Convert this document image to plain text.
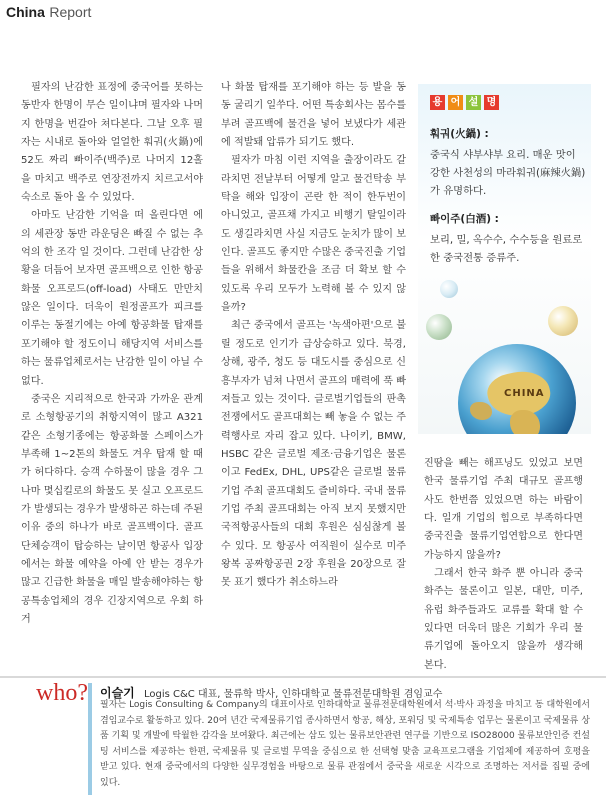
China Report

필자의 난감한 표정에 중국어를 못하는 동반자 한명이 무슨 일이냐며 필자와 나머지 한명을 번갈아 쳐다본다. 그날 오후 필자는 시내로 돌아와 얼얼한 훠궈(火鍋)에 52도 짜리 빠이주(백주)로 나머지 12홀을 마치고 백주로 연장전까지 치르고서야 숙소로 돌아 올 수 있었다.

아마도 난감한 기억을 떠 올린다면 에의 세관장 동반 라운딩은 빠질 수 없는 추억의 한 조각 일 것이다. 그런데 난감한 상황을 더듬어 보자면 골프백으로 인한 항공화물 오프로드(off-load) 사태도 만만치 않은 일이다. 더욱이 원정골프가 피크를 이루는 동절기에는 아예 항공화물 탑재를 포기해야 할 정도이니 해당지역 서비스를 하는 물류업체로서는 난감한 일이 아닐 수 없다.

중국은 지리적으로 한국과 가까운 관계로 소형항공기의 취항지역이 많고 A321같은 소형기종에는 항공화물 스페이스가 부족해 1~2톤의 화물도 겨우 탑재 할 때가 허다하다. 승객 수하물이 많을 경우 그나마 몇십킬로의 화물도 못 실고 오프로드가 발생되는 경우가 발생하곤 하는데 주된 이유 중의 하나가 바로 골프백이다. 골프단체승객이 탑승하는 날이면 항공사 입장에서는 화물 예약을 아예 안 받는 경우가 많고 긴급한 화물을 매일 발송해야하는 항공특송업체의 경우 긴장지역으로 우회 하거

나 화물 탑재를 포기해야 하는 등 발을 동동 굴리기 일쑤다. 어떤 특송회사는 몸수를 부려 골프백에 물건을 넣어 보냈다가 세관에 적발돼 압류가 되기도 했다.

필자가 마침 이런 지역을 출장이라도 갈라치면 전날부터 어떻게 알고 물건탁송 부탁을 해와 입장이 곤란 한 적이 한두번이 아니었고, 골프채 가지고 비행기 탈일이라도 생길라치면 사실 지금도 눈치가 많이 보인다. 골프도 좋지만 수많은 중국진출 기업들을 위해서 화물칸을 조금 더 확보 할 수 있도록 우리 모두가 노력해 볼 수 있지 않을까?

최근 중국에서 골프는 '녹색아편'으로 불릴 정도로 인기가 급상승하고 있다. 북경, 상해, 광주, 청도 등 대도시를 중심으로 신흥부자가 넘쳐 나면서 골프의 매력에 푹 빠져들고 있는 것이다. 글로벌기업들의 판촉전쟁에서도 골프대회는 빼 놓을 수 없는 주력행사로 자리 잡고 있다. 나이키, BMW, HSBC 같은 글로벌 제조·금융기업은 물론이고 FedEx, DHL, UPS같은 글로벌 물류기업 주최 골프대회도 즐비하다. 국내 물류기업 주최 골프대회는 아직 보지 못했지만 국적항공사들의 대회 후원은 심심찮게 볼 수 있다. 모 항공사 여직원이 실수로 미주 왕복 공짜항공권 2장 후원을 20장으로 잘못 표기 했다가 취소하느라

용 어 설 명
훠궈(火鍋) :
중국식 샤부샤부 요리. 매운 맛이 강한 사천성의 마라훠궈(麻辣火鍋)가 유명하다.
빠이주(白酒) :
보리, 밀, 옥수수, 수수등을 원료로 한 중국전통 증류주.
CHINA

진땀을 빼는 해프닝도 있었고 보면 한국 물류기업 주최 대규모 골프행사도 한번쯤 있었으면 하는 바람이다. 일개 기업의 힘으로 부족하다면 중국진출 물류기업연합으로 한다면 가능하지 않을까?

그래서 한국 화주 뿐 아니라 중국 화주는 물론이고 일본, 대만, 미주, 유럽 화주들과도 교류를 확대 할 수 있다면 더욱더 많은 기회가 우리 물류기업에 돌아오지 않을까 생각해 본다.

who? 이슬기 Logis C&C 대표, 물류학 박사, 인하대학교 물류전문대학원 겸임교수
필자는 Logis Consulting & Company의 대표이사로 인하대학교 물류전문대학원에서 석·박사 과정을 마치고 동 대학원에서 겸임교수로 활동하고 있다. 20여 년간 국제물류기업 종사하면서 항공, 해상, 포워딩 및 국제특송 업무는 물론이고 국제물류 상품 기획 및 개발에 탁월한 감각을 보여왔다. 최근에는 삼도 있는 물류보안관련 연구를 기반으로 ISO28000 물류보안인증 컨설팅 서비스를 제공하는 한편, 국제물류 및 글로벌 무역을 중심으로 한 선택형 맞춤 교육프로그램을 기업체에 제공하여 호평을 받고 있다. 현재 중국에서의 다양한 실무경험을 바탕으로 물류 관점에서 중국을 새로운 시각으로 조명하는 저서를 집필 중에 있다.
